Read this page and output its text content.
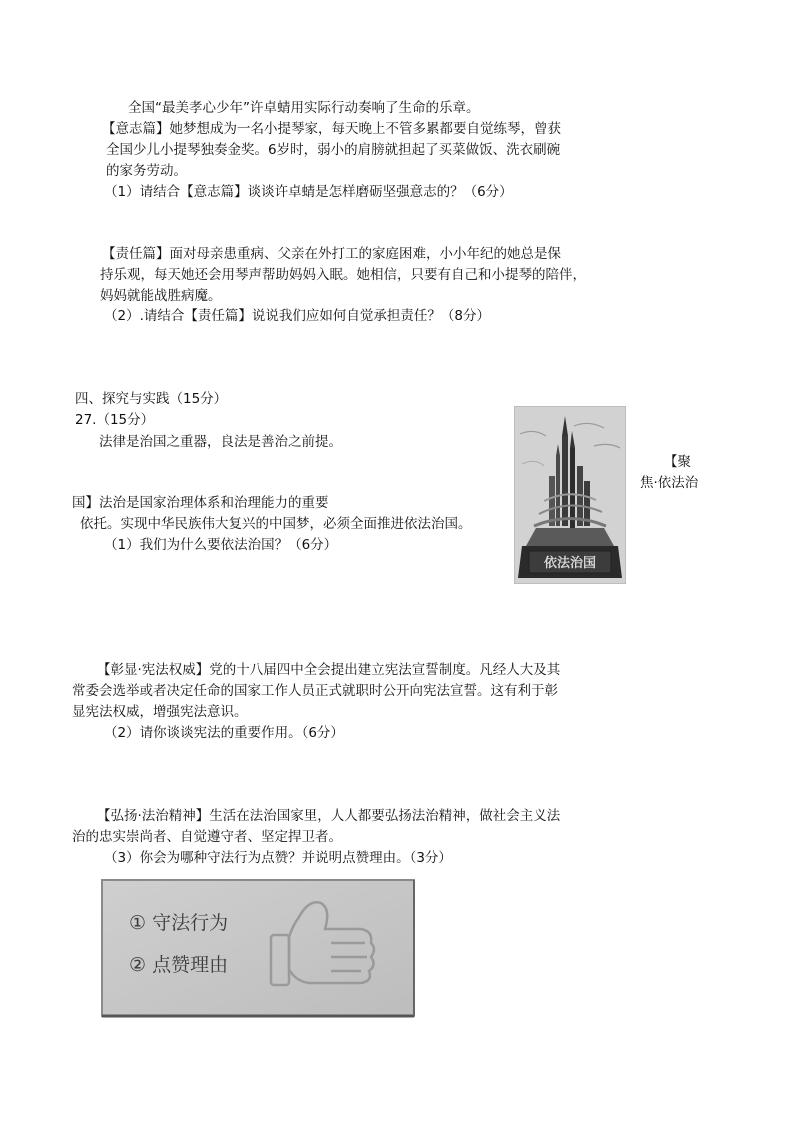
全国“最美孝心少年”许卓蜻用实际行动奏响了生命的乐章。
【意志篇】她梦想成为一名小提琴家，每天晚上不管多累都要自觉练琴，曾获
全国少儿小提琴独奏金奖。6岁时，弱小的肩膀就担起了买菜做饭、洗衣刷碗
的家务劳动。
（1）请结合【意志篇】谈谈许卓蜻是怎样磨砺坚强意志的？（6分）
【责任篇】面对母亲患重病、父亲在外打工的家庭困难，小小年纪的她总是保
持乐观，每天她还会用琴声帮助妈妈入眠。她相信，只要有自己和小提琴的陪伴，
妈妈就能战胜病魔。
（2）.请结合【责任篇】说说我们应如何自觉承担责任？（8分）
四、探究与实践（15分）
27.（15分）
法律是治国之重器，良法是善治之前提。
依法治国
【聚
焦·依法治
国】法治是国家治理体系和治理能力的重要
依托。实现中华民族伟大复兴的中国梦，必须全面推进依法治国。
（1）我们为什么要依法治国？（6分）
【彰显·宪法权威】党的十八届四中全会提出建立宪法宣誓制度。凡经人大及其
常委会选举或者决定任命的国家工作人员正式就职时公开向宪法宣誓。这有利于彰
显宪法权威，增强宪法意识。
（2）请你谈谈宪法的重要作用。（6分）
【弘扬·法治精神】生活在法治国家里，人人都要弘扬法治精神，做社会主义法
治的忠实崇尚者、自觉遵守者、坚定捍卫者。
（3）你会为哪种守法行为点赞？并说明点赞理由。（3分）
① 守法行为
② 点赞理由
